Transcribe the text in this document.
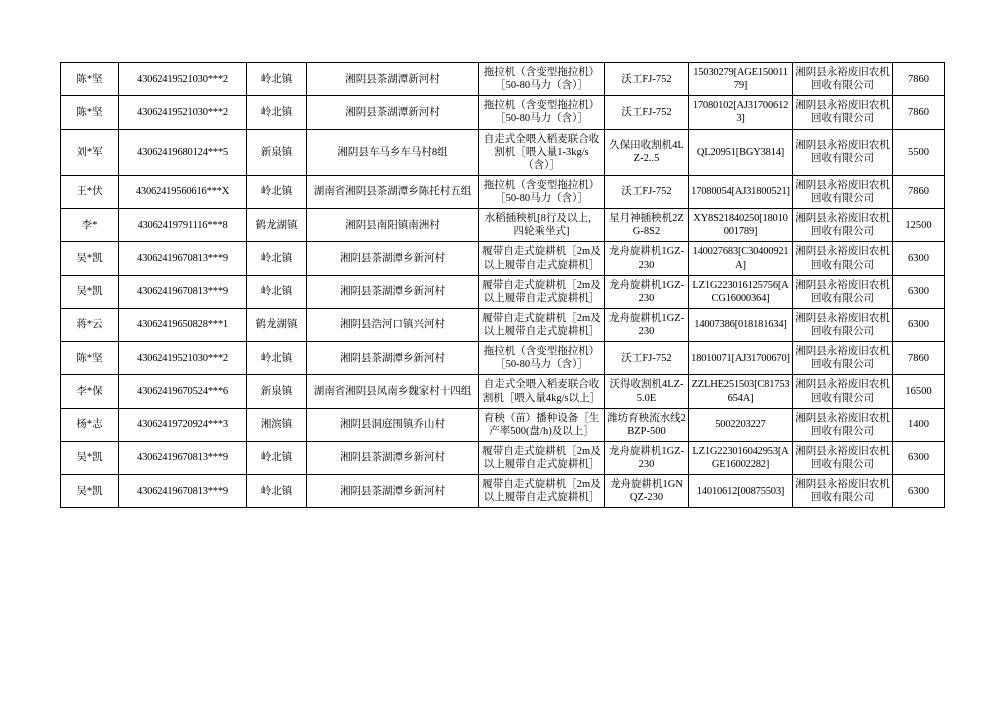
陈*坚	43062419521030***2	岭北镇	湘阴县茶湖潭新河村	拖拉机（含变型拖拉机）［50-80马力（含）］	沃工FJ-752	15030279[AGE15001179]	湘阴县永裕废旧农机回收有限公司	7860
陈*坚	43062419521030***2	岭北镇	湘阴县茶湖潭新河村	拖拉机（含变型拖拉机）［50-80马力（含）］	沃工FJ-752	17080102[AJ317006123]	湘阴县永裕废旧农机回收有限公司	7860
刘*军	43062419680124***5	新泉镇	湘阴县车马乡车马村8组	自走式全喂入稻麦联合收割机［喂入量1-3kg/s（含）］	久保田收割机4LZ-2..5	QL20951[BGY3814]	湘阴县永裕废旧农机回收有限公司	5500
王*伏	43062419560616***X	岭北镇	湖南省湘阴县茶湖潭乡陈托村五组	拖拉机（含变型拖拉机）［50-80马力（含）］	沃工FJ-752	17080054[AJ31800521]	湘阴县永裕废旧农机回收有限公司	7860
李*	43062419791116***8	鹤龙湖镇	湘阴县南阳镇南洲村	水稻插秧机[8行及以上，四轮乘坐式]	星月神插秧机2ZG-8S2	XY8S21840250[18010001789]	湘阴县永裕废旧农机回收有限公司	12500
吴*凯	43062419670813***9	岭北镇	湘阴县茶湖潭乡新河村	履带自走式旋耕机［2m及以上履带自走式旋耕机］	龙舟旋耕机1GZ-230	140027683[C30400921A]	湘阴县永裕废旧农机回收有限公司	6300
吴*凯	43062419670813***9	岭北镇	湘阴县茶湖潭乡新河村	履带自走式旋耕机［2m及以上履带自走式旋耕机］	龙舟旋耕机1GZ-230	LZ1G223016125756[ACG16000364]	湘阴县永裕废旧农机回收有限公司	6300
蒋*云	43062419650828***1	鹤龙湖镇	湘阴县浩河口镇兴河村	履带自走式旋耕机［2m及以上履带自走式旋耕机］	龙舟旋耕机1GZ-230	14007386[018181634]	湘阴县永裕废旧农机回收有限公司	6300
陈*坚	43062419521030***2	岭北镇	湘阴县茶湖潭乡新河村	拖拉机（含变型拖拉机）［50-80马力（含）］	沃工FJ-752	18010071[AJ31700670]	湘阴县永裕废旧农机回收有限公司	7860
李*保	43062419670524***6	新泉镇	湖南省湘阴县凤南乡魏家村十四组	自走式全喂入稻麦联合收割机［喂入量4kg/s以上］	沃得收割机4LZ-5.0E	ZZLHE251503[C81753654A]	湘阴县永裕废旧农机回收有限公司	16500
杨*志	43062419720924***3	湘滨镇	湘阴县洞庭围镇乔山村	育秧（苗）播种设备［生产率500(盘/h)及以上］	潍坊育秧流水线2BZP-500	5002203227	湘阴县永裕废旧农机回收有限公司	1400
吴*凯	43062419670813***9	岭北镇	湘阴县茶湖潭乡新河村	履带自走式旋耕机［2m及以上履带自走式旋耕机］	龙舟旋耕机1GZ-230	LZ1G223016042953[AGE16002282]	湘阴县永裕废旧农机回收有限公司	6300
吴*凯	43062419670813***9	岭北镇	湘阴县茶湖潭乡新河村	履带自走式旋耕机［2m及以上履带自走式旋耕机］	龙舟旋耕机1GNQZ-230	14010612[00875503]	湘阴县永裕废旧农机回收有限公司	6300
